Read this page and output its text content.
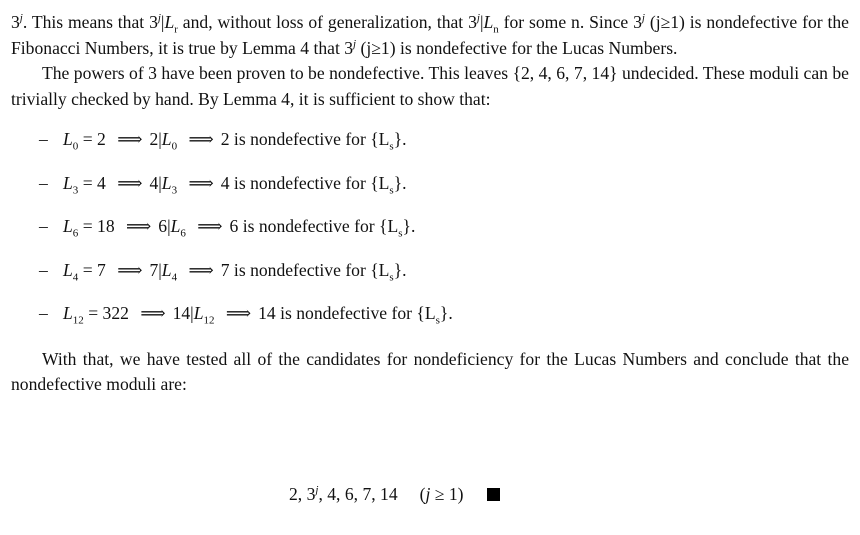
3$^j$. This means that $3^j|L_r$ and, without loss of generalization, that $3^j|L_n$ for some n. Since 3$^j$ (j≥1) is nondefective for the Fibonacci Numbers, it is true by Lemma 4 that 3$^j$ (j≥1) is nondefective for the Lucas Numbers.

The powers of 3 have been proven to be nondefective. This leaves {2, 4, 6, 7, 14} undecided. These moduli can be trivially checked by hand. By Lemma 4, it is sufficient to show that:

– $L_0 = 2$ ⟹ $2|L_0$ ⟹ 2 is nondefective for $\{L_s\}$.
– $L_3 = 4$ ⟹ $4|L_3$ ⟹ 4 is nondefective for $\{L_s\}$.
– $L_6 = 18$ ⟹ $6|L_6$ ⟹ 6 is nondefective for $\{L_s\}$.
– $L_4 = 7$ ⟹ $7|L_4$ ⟹ 7 is nondefective for $\{L_s\}$.
– $L_{12} = 322$ ⟹ $14|L_{12}$ ⟹ 14 is nondefective for $\{L_s\}$.

With that, we have tested all of the candidates for nondeficiency for the Lucas Numbers and conclude that the nondefective moduli are:

2, 3$^j$, 4, 6, 7, 14 (j ≥ 1)
